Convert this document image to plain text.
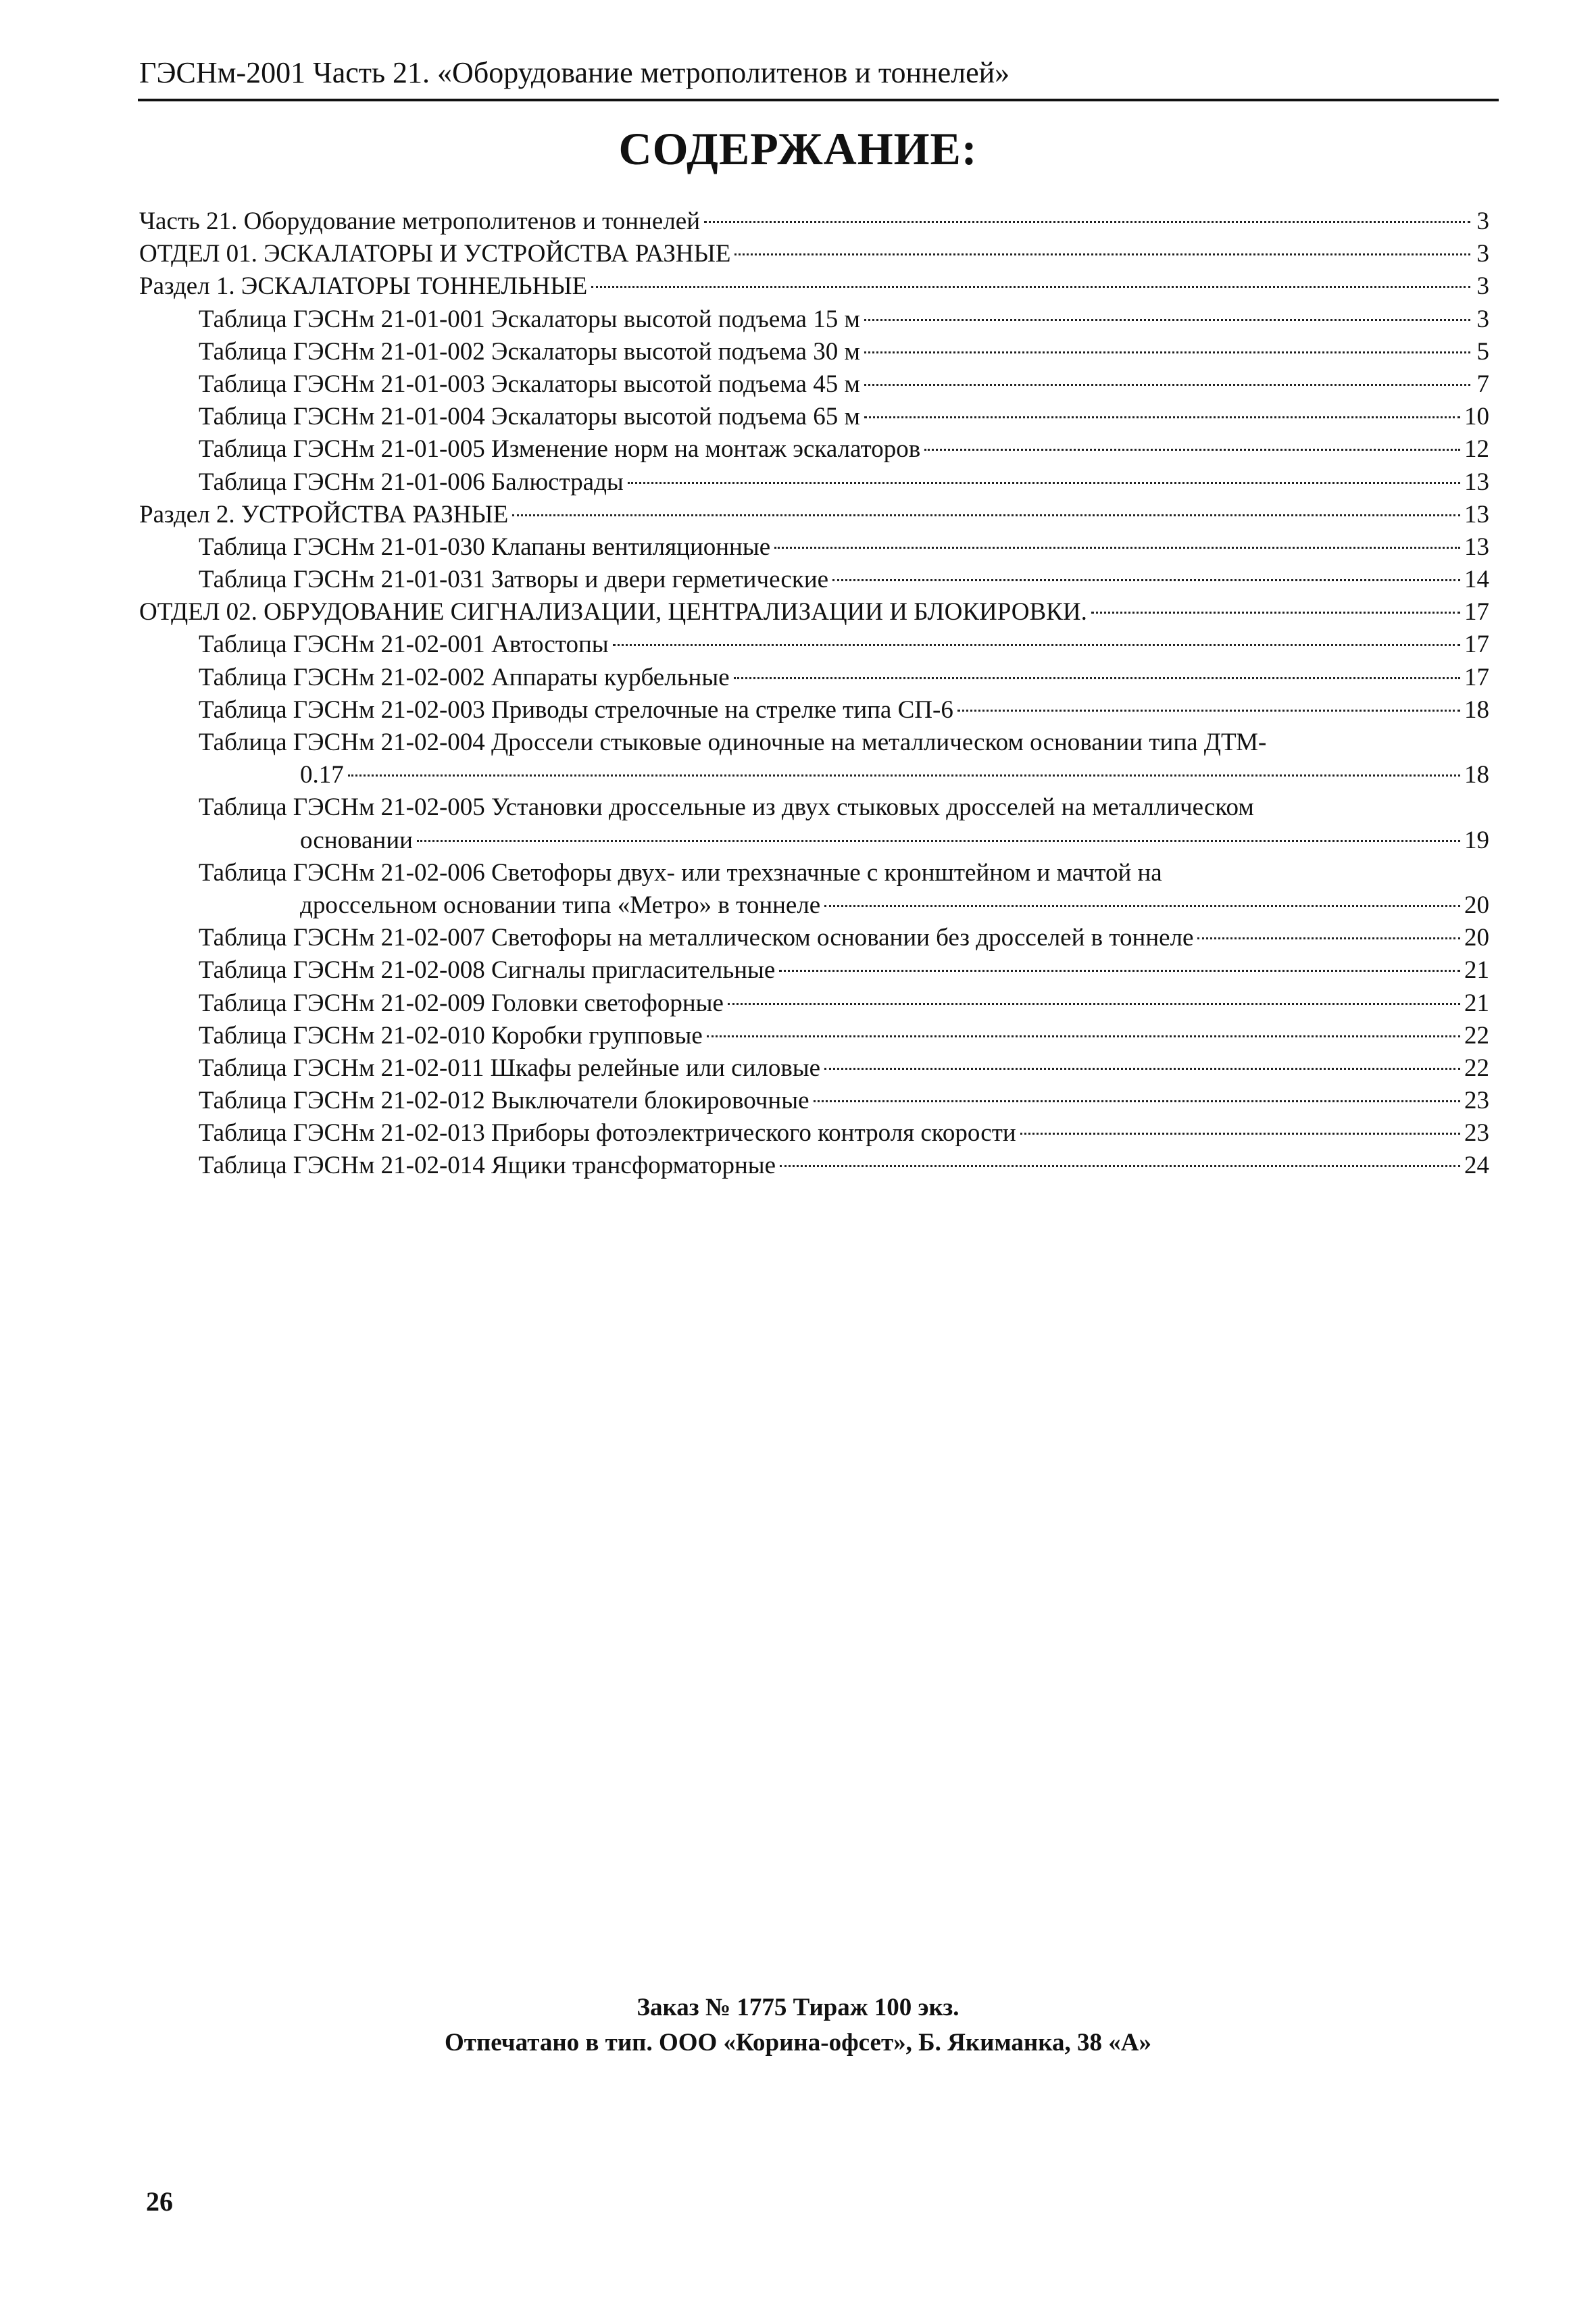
ГЭСНм-2001 Часть 21. «Оборудование метрополитенов и тоннелей»
СОДЕРЖАНИЕ:
Часть 21. Оборудование метрополитенов и тоннелей	3
ОТДЕЛ 01. ЭСКАЛАТОРЫ И УСТРОЙСТВА РАЗНЫЕ	3
Раздел 1. ЭСКАЛАТОРЫ ТОННЕЛЬНЫЕ	3
Таблица ГЭСНм 21-01-001 Эскалаторы высотой подъема 15 м	3
Таблица ГЭСНм 21-01-002 Эскалаторы высотой подъема 30 м	5
Таблица ГЭСНм 21-01-003 Эскалаторы высотой подъема 45 м	7
Таблица ГЭСНм 21-01-004 Эскалаторы высотой подъема 65 м	10
Таблица ГЭСНм 21-01-005 Изменение норм на монтаж эскалаторов	12
Таблица ГЭСНм 21-01-006 Балюстрады	13
Раздел 2. УСТРОЙСТВА РАЗНЫЕ	13
Таблица ГЭСНм 21-01-030 Клапаны вентиляционные	13
Таблица ГЭСНм 21-01-031 Затворы и двери герметические	14
ОТДЕЛ 02. ОБРУДОВАНИЕ СИГНАЛИЗАЦИИ, ЦЕНТРАЛИЗАЦИИ И БЛОКИРОВКИ.	17
Таблица ГЭСНм 21-02-001 Автостопы	17
Таблица ГЭСНм 21-02-002 Аппараты курбельные	17
Таблица ГЭСНм 21-02-003 Приводы стрелочные на стрелке типа СП-6	18
Таблица ГЭСНм 21-02-004 Дроссели стыковые одиночные на металлическом основании типа ДТМ-
0.17	18
Таблица ГЭСНм 21-02-005 Установки дроссельные из двух стыковых дросселей на металлическом
основании	19
Таблица ГЭСНм 21-02-006 Светофоры двух- или трехзначные с кронштейном и мачтой на
дроссельном основании типа «Метро» в тоннеле	20
Таблица ГЭСНм 21-02-007 Светофоры на металлическом основании без дросселей в тоннеле	20
Таблица ГЭСНм 21-02-008 Сигналы пригласительные	21
Таблица ГЭСНм 21-02-009 Головки светофорные	21
Таблица ГЭСНм 21-02-010 Коробки групповые	22
Таблица ГЭСНм 21-02-011 Шкафы релейные или силовые	22
Таблица ГЭСНм 21-02-012 Выключатели блокировочные	23
Таблица ГЭСНм 21-02-013 Приборы фотоэлектрического контроля скорости	23
Таблица ГЭСНм 21-02-014 Ящики трансформаторные	24
Заказ № 1775 Тираж 100 экз.
Отпечатано в тип. ООО «Корина-офсет», Б. Якиманка, 38 «А»
26
